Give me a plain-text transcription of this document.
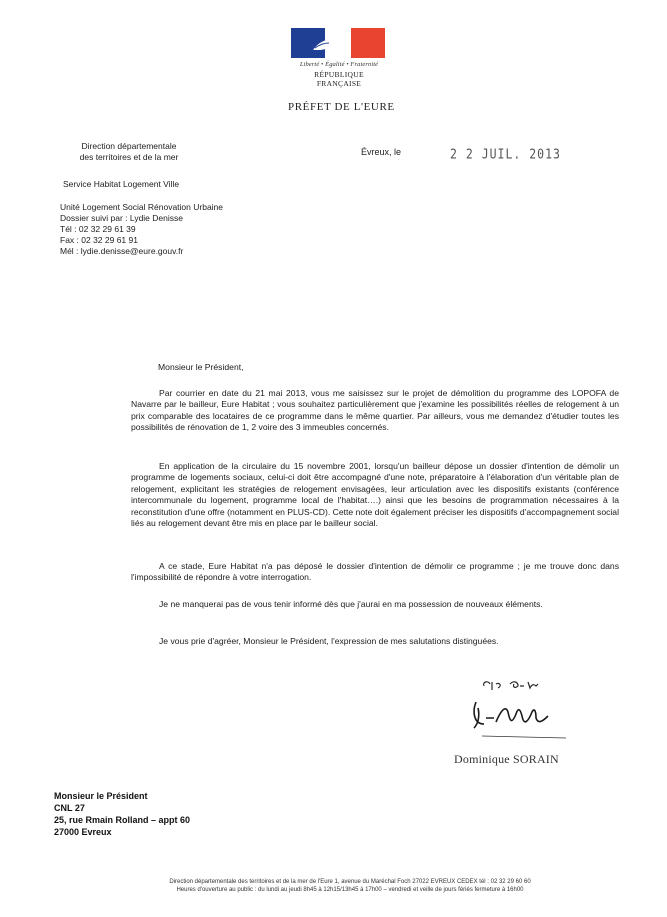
Liberté • Égalité • Fraternité
RÉPUBLIQUE FRANÇAISE
PRÉFET DE L'EURE
Direction départementale
des territoires et de la mer
Service Habitat Logement Ville
Unité Logement Social Rénovation Urbaine
Dossier suivi par : Lydie Denisse
Tél : 02 32 29 61 39
Fax : 02 32 29 61 91
Mél : lydie.denisse@eure.gouv.fr
Évreux, le	2 2 JUIL. 2013
Monsieur le Président,
Par courrier en date du 21 mai 2013, vous me saisissez sur le projet de démolition du programme des LOPOFA de Navarre par le bailleur, Eure Habitat ; vous souhaitez particulièrement que j'examine les possibilités réelles de relogement à un prix comparable des locataires de ce programme dans le même quartier. Par ailleurs, vous me demandez d'étudier toutes les possibilités de rénovation de 1, 2 voire des 3 immeubles concernés.
En application de la circulaire du 15 novembre 2001, lorsqu'un bailleur dépose un dossier d'intention de démolir un programme de logements sociaux, celui-ci doit être accompagné d'une note, préparatoire à l'élaboration d'un véritable plan de relogement, explicitant les stratégies de relogement envisagées, leur articulation avec les dispositifs existants (conférence intercommunale du logement, programme local de l'habitat….) ainsi que les besoins de programmation nécessaires à la reconstitution d'une offre (notamment en PLUS-CD). Cette note doit également préciser les dispositifs d'accompagnement social liés au relogement devant être mis en place par le bailleur social.
A ce stade, Eure Habitat n'a pas déposé le dossier d'intention de démolir ce programme ; je me trouve donc dans l'impossibilité de répondre à votre interrogation.
Je ne manquerai pas de vous tenir informé dès que j'aurai en ma possession de nouveaux éléments.
Je vous prie d'agréer, Monsieur le Président, l'expression de mes salutations distinguées.
Dominique SORAIN
Monsieur le Président
CNL 27
25, rue Rmain Rolland – appt 60
27000 Evreux
Direction départementale des territoires et de la mer de l'Eure 1, avenue du Maréchal Foch 27022 EVREUX CEDEX tél : 02 32 29 60 60
Heures d'ouverture au public : du lundi au jeudi 8h45 à 12h15/13h45 à 17h00 – vendredi et veille de jours fériés fermeture à 16h00
